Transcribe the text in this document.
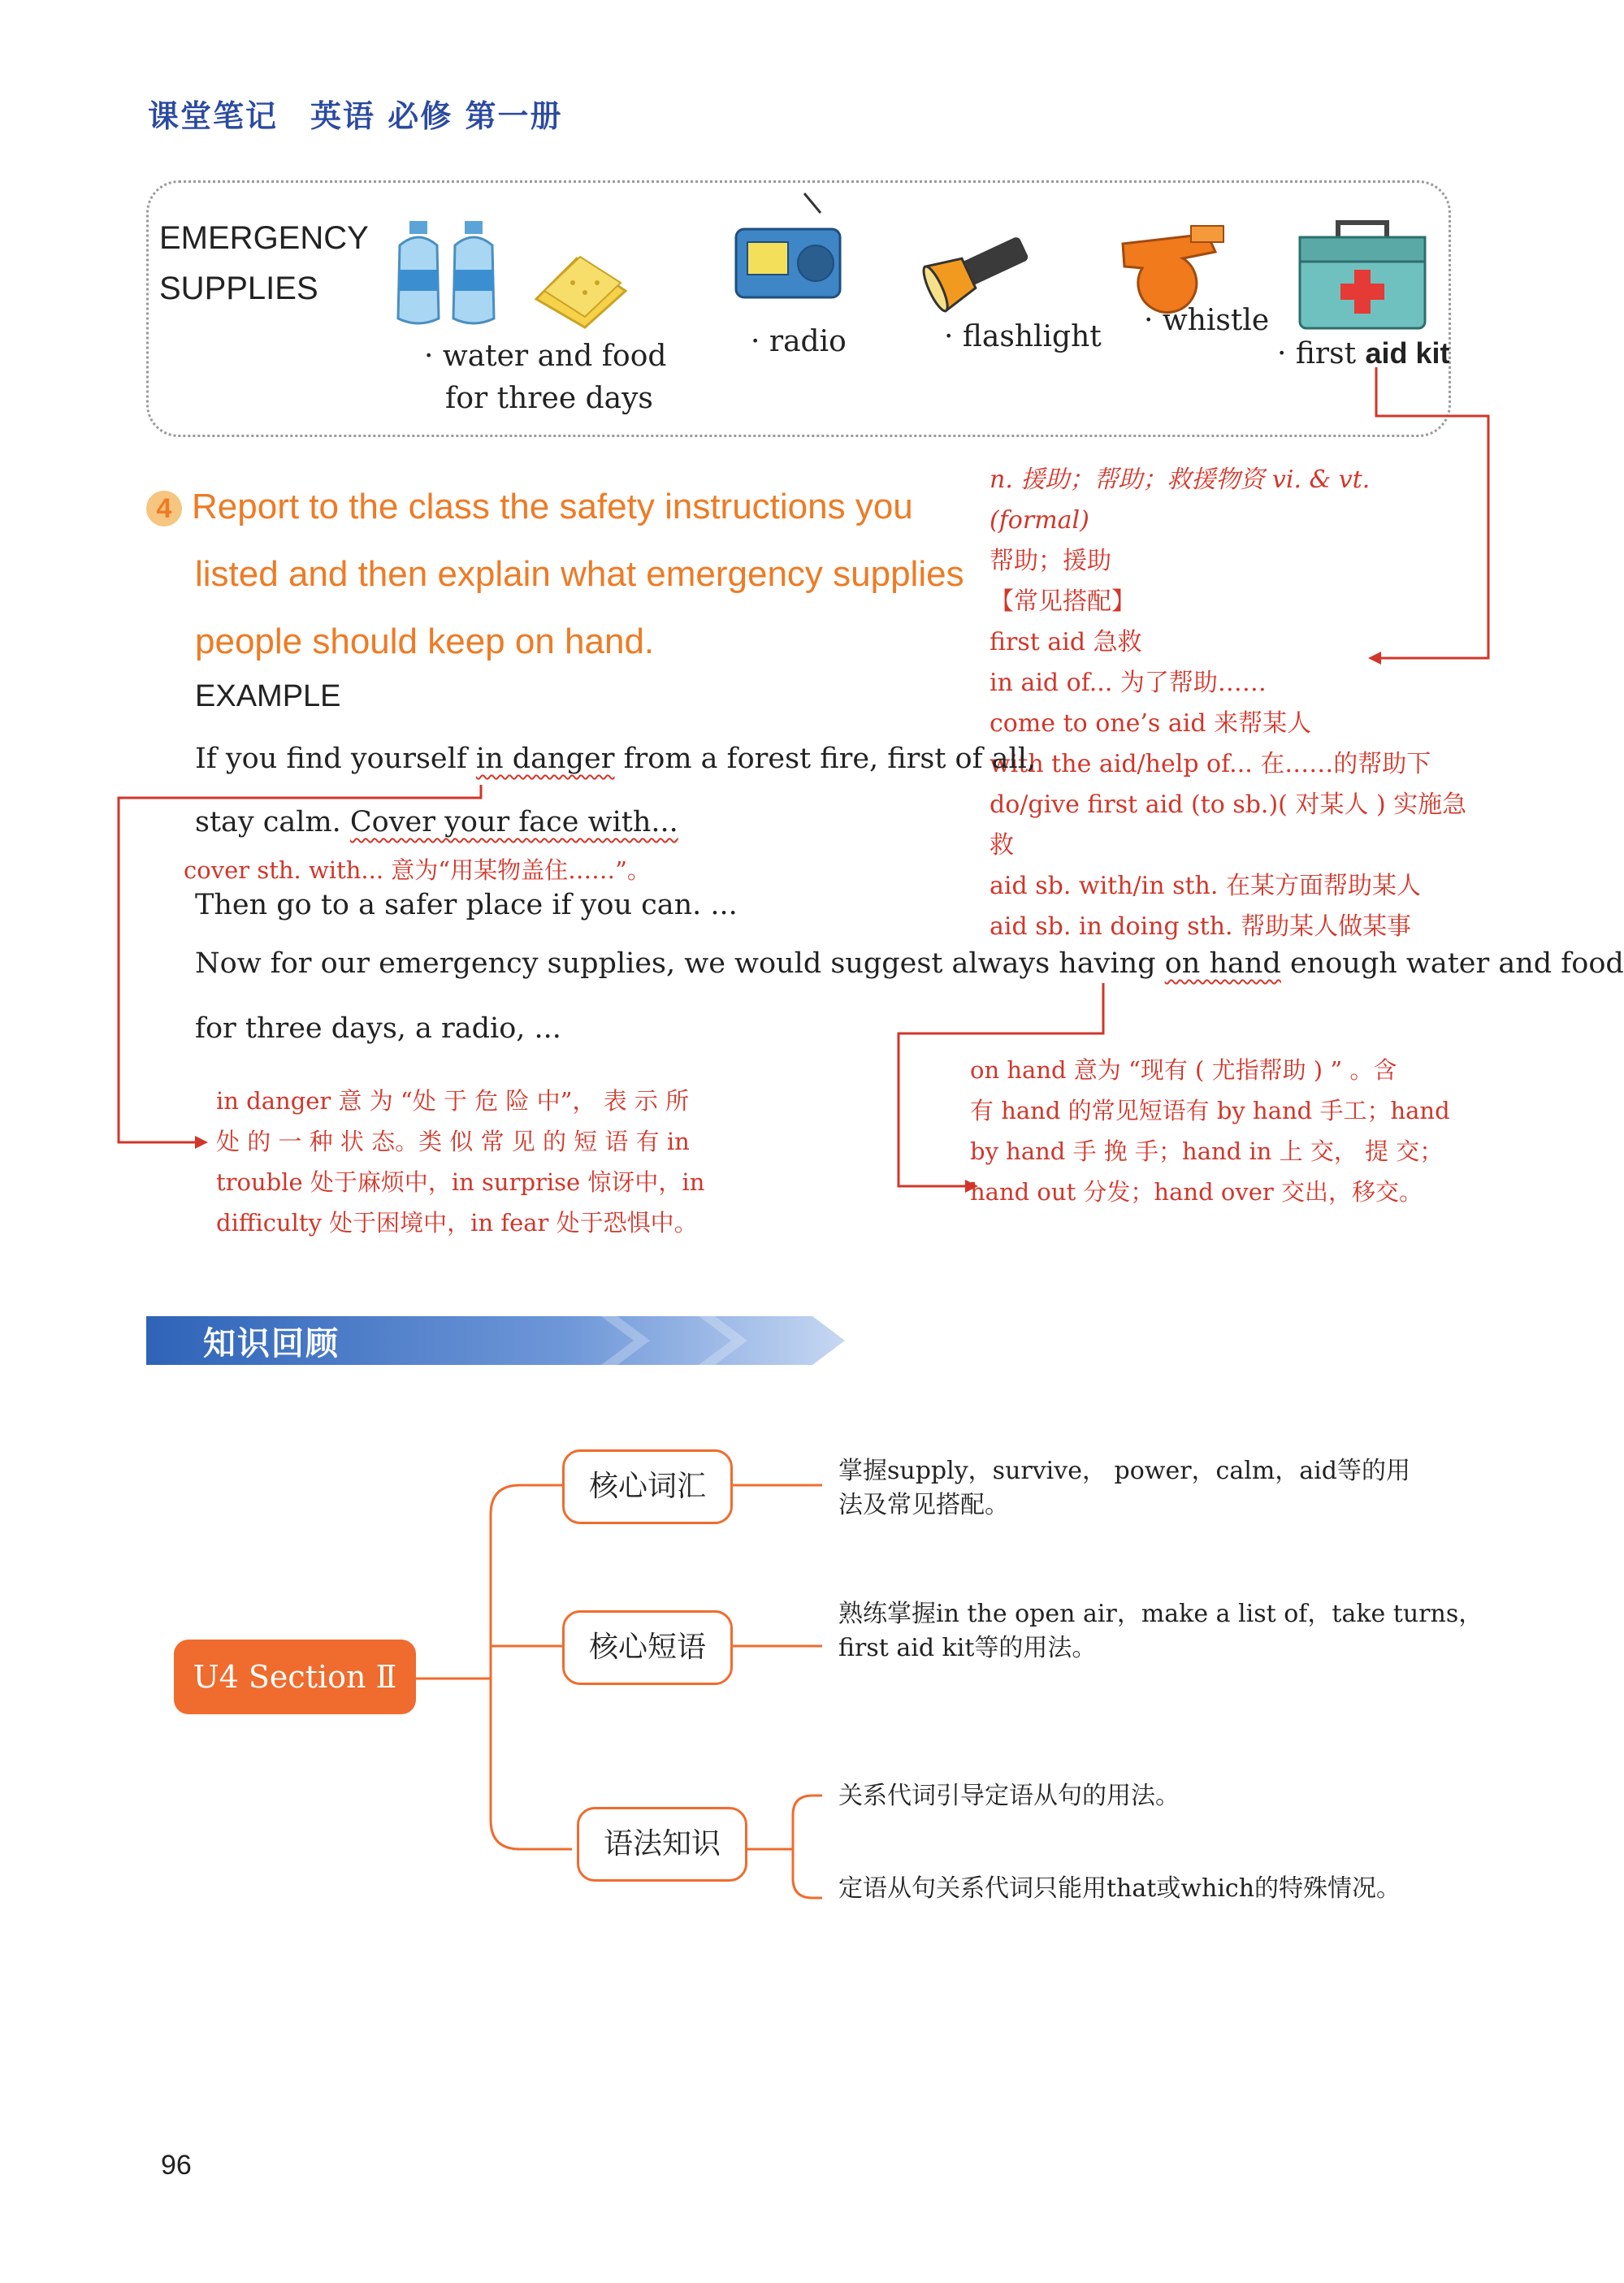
课堂笔记 英语 必修 第一册
EMERGENCY
SUPPLIES
· water and food
for three days
· radio	· flashlight · whistle
· first aid kit
4 Report to the class the safety instructions you
listed and then explain what emergency supplies
people should keep on hand.
n. 援助；帮助；救援物资 vi. & vt. (formal)
帮助；援助
【常见搭配】
first aid 急救
in aid of... 为了帮助……
come to one’s aid 来帮某人
with the aid/help of... 在……的帮助下
do/give first aid (to sb.)( 对某人 ) 实施急救
aid sb. with/in sth. 在某方面帮助某人
aid sb. in doing sth. 帮助某人做某事
EXAMPLE
If you find yourself in danger from a forest fire, first of all,
stay calm. Cover your face with...
cover sth. with... 意为“用某物盖住……”。
Then go to a safer place if you can. ...
Now for our emergency supplies, we would suggest always having on hand enough water and food
for three days, a radio, ...
in danger 意 为 “处 于 危 险 中”， 表 示 所
处 的 一 种 状 态。类 似 常 见 的 短 语 有 in
trouble 处于麻烦中，in surprise 惊讶中，in
difficulty 处于困境中，in fear 处于恐惧中。
on hand 意为 “现有 ( 尤指帮助 ) ” 。含
有 hand 的常见短语有 by hand 手工；hand
by hand 手 挽 手；hand in 上 交， 提 交；
hand out 分发；hand over 交出，移交。
知识回顾
U4 Section Ⅱ
核心词汇
核心短语
语法知识
掌握supply，survive， power，calm，aid等的用
法及常见搭配。
熟练掌握in the open air，make a list of，take turns，
first aid kit等的用法。
关系代词引导定语从句的用法。
定语从句关系代词只能用that或which的特殊情况。
96
